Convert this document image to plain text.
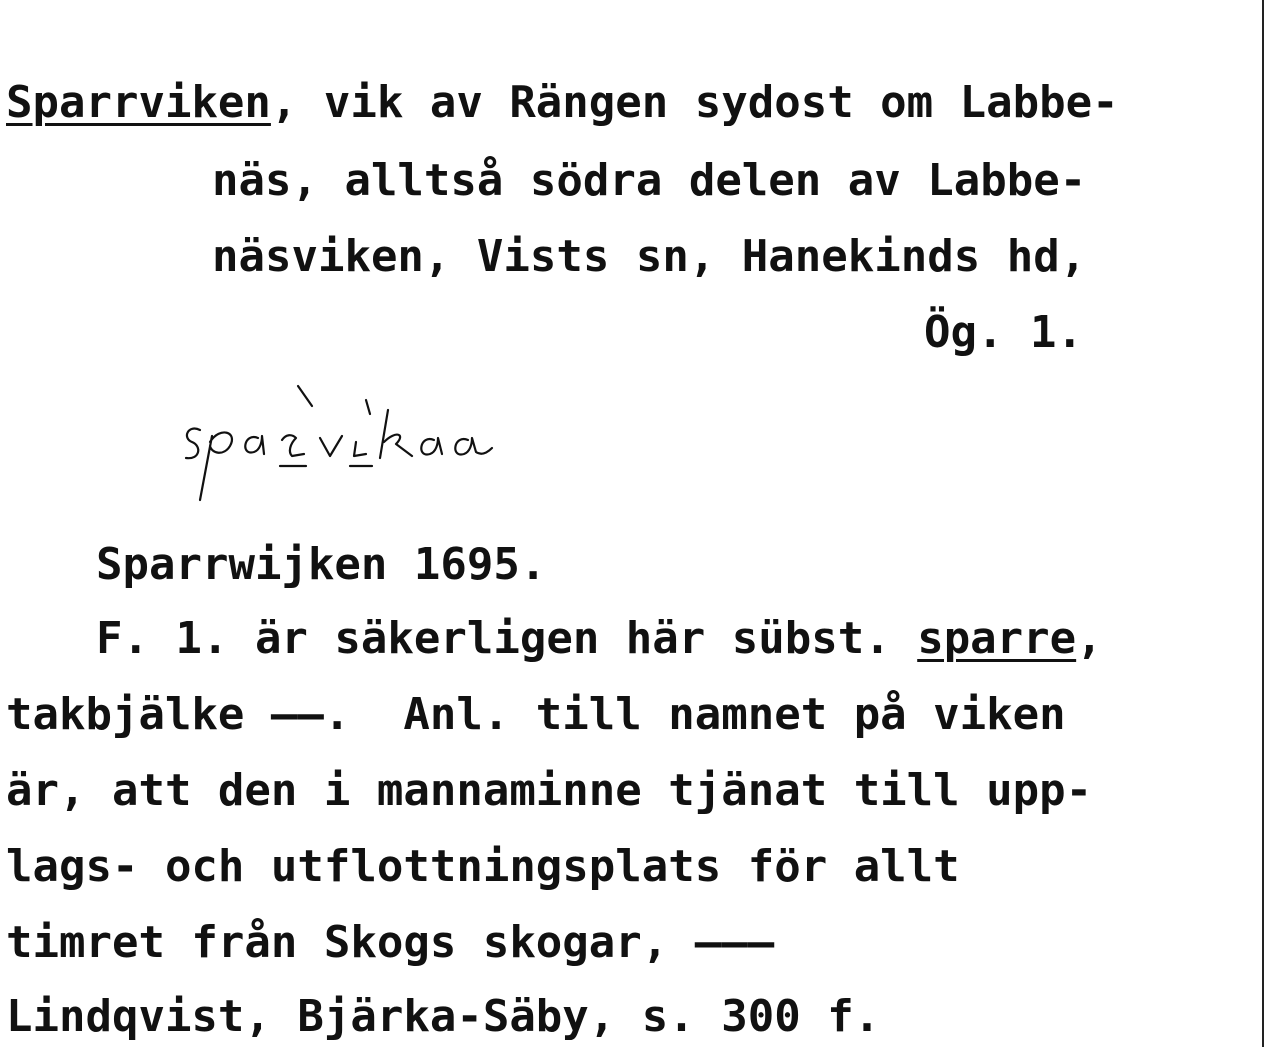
Sparrviken, vik av Rängen sydost om Labbe-
näs, alltså södra delen av Labbe-
näsviken, Vists sn, Hanekinds hd,
Ög. 1.
Sparrwijken 1695.
F. 1. är säkerligen här sübst. sparre,
takbjälke ––.  Anl. till namnet på viken
är, att den i mannaminne tjänat till upp-
lags- och utflottningsplats för allt
timret från Skogs skogar, –––
Lindqvist, Bjärka-Säby, s. 300 f.
